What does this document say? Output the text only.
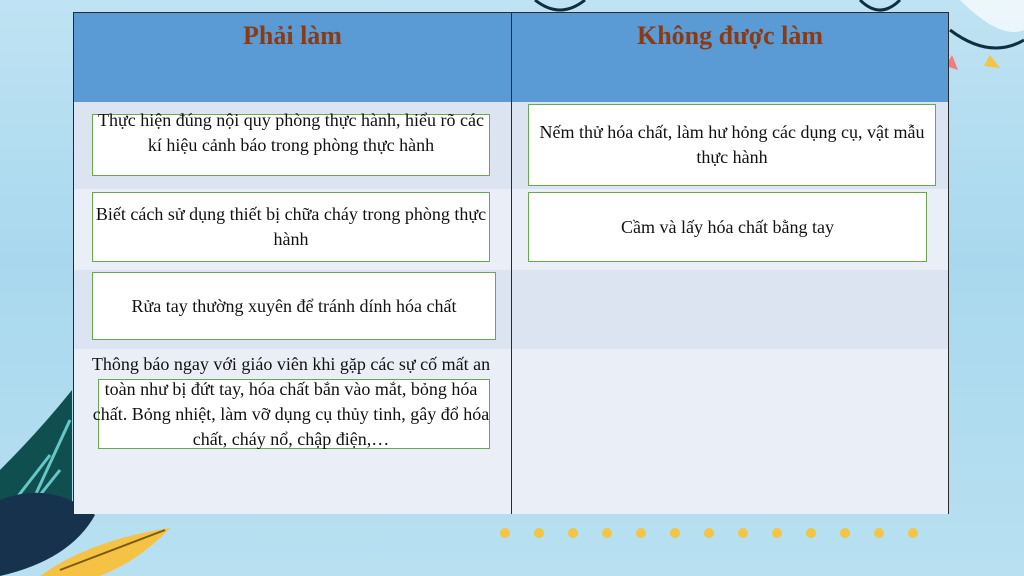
Phải làm	Không được làm
Thực hiện đúng nội quy phòng thực hành, hiểu rõ các kí hiệu cảnh báo trong phòng thực hành
Biết cách sử dụng thiết bị chữa cháy trong phòng thực hành
Rửa tay thường xuyên để tránh dính hóa chất
Thông báo ngay với giáo viên khi gặp các sự cố mất an toàn như bị đứt tay, hóa chất bắn vào mắt, bỏng hóa chất. Bỏng nhiệt, làm vỡ dụng cụ thủy tinh, gây đổ hóa chất, cháy nổ, chập điện,…
Nếm thử hóa chất, làm hư hỏng các dụng cụ, vật mẫu thực hành
Cầm và lấy hóa chất bằng tay
